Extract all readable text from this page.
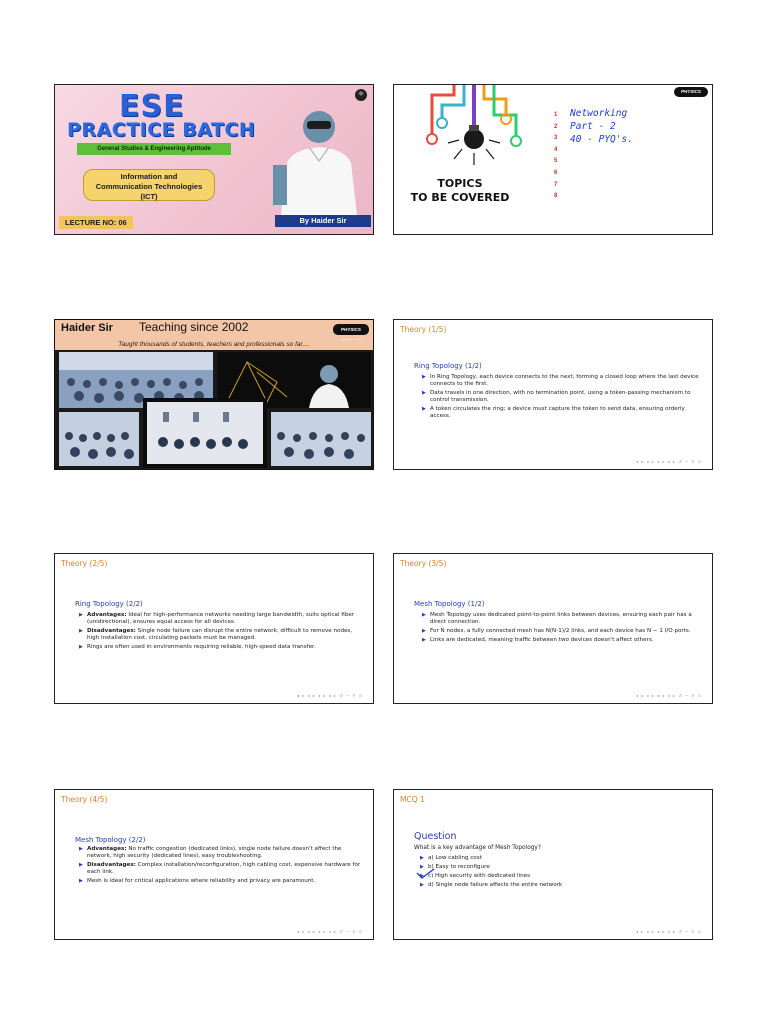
ESE
PRACTICE BATCH
General Studies & Engineering Aptitude
Information and
Communication Technologies
(ICT)
LECTURE NO: 06
⚛
By Haider Sir
TOPICS
TO BE COVERED
1
2
3
4
5
6
7
8
Networking
Part - 2
40 - PYQ's.
PHYSICS WALLAH
Haider Sir Teaching since 2002	PHYSICS
Taught thousands of students, teachers and professionals so far....
Theory (1/5)
Ring Topology (1/2)
▶ In Ring Topology, each device connects to the next, forming a closed loop where the last device connects to the first.
▶ Data travels in one direction, with no termination point, using a token-passing mechanism to control transmission.
▶ A token circulates the ring; a device must capture the token to send data, ensuring orderly access.
◂ ▸ ◂ ▸ ◂ ▸ ◂ ▸ ↺ ∽ ⚲ ⊙
Theory (2/5)
Ring Topology (2/2)
▶ Advantages: Ideal for high-performance networks needing large bandwidth, suits optical fiber (unidirectional), ensures equal access for all devices.
▶ Disadvantages: Single node failure can disrupt the entire network, difficult to remove nodes, high installation cost, circulating packets must be managed.
▶ Rings are often used in environments requiring reliable, high-speed data transfer.
◂ ▸ ◂ ▸ ◂ ▸ ◂ ▸ ↺ ∽ ⚲ ⊙
Theory (3/5)
Mesh Topology (1/2)
▶ Mesh Topology uses dedicated point-to-point links between devices, ensuring each pair has a direct connection.
▶ For N nodes, a fully connected mesh has N(N-1)/2 links, and each device has N − 1 I/O ports.
▶ Links are dedicated, meaning traffic between two devices doesn't affect others.
◂ ▸ ◂ ▸ ◂ ▸ ◂ ▸ ↺ ∽ ⚲ ⊙
Theory (4/5)
Mesh Topology (2/2)
▶ Advantages: No traffic congestion (dedicated links), single node failure doesn't affect the network, high security (dedicated lines), easy troubleshooting.
▶ Disadvantages: Complex installation/reconfiguration, high cabling cost, expensive hardware for each link.
▶ Mesh is ideal for critical applications where reliability and privacy are paramount.
◂ ▸ ◂ ▸ ◂ ▸ ◂ ▸ ↺ ∽ ⚲ ⊙
MCQ 1
Question
What is a key advantage of Mesh Topology?
▶ a) Low cabling cost
▶ b) Easy to reconfigure
▶ c) High security with dedicated lines
▶ d) Single node failure affects the entire network
◂ ▸ ◂ ▸ ◂ ▸ ◂ ▸ ↺ ∽ ⚲ ⊙
